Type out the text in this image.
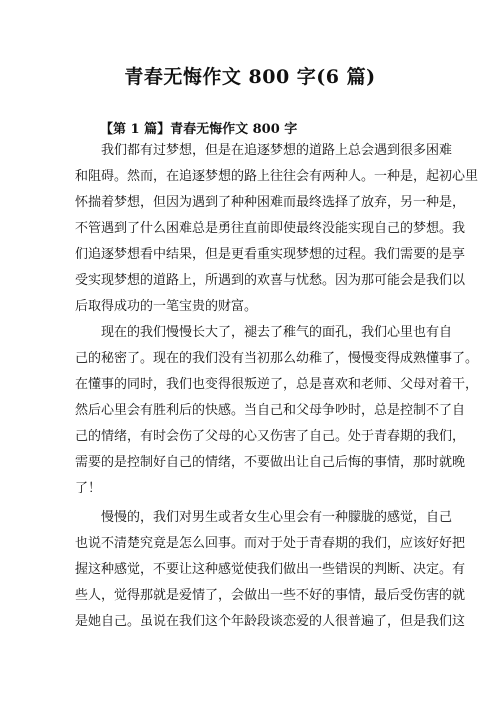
青春无悔作文 800 字(6 篇)
【第 1 篇】青春无悔作文 800 字
我们都有过梦想，但是在追逐梦想的道路上总会遇到很多困难
和阻碍。然而，在追逐梦想的路上往往会有两种人。一种是，起初心里
怀揣着梦想，但因为遇到了种种困难而最终选择了放弃，另一种是，
不管遇到了什么困难总是勇往直前即使最终没能实现自己的梦想。我
们追逐梦想看中结果，但是更看重实现梦想的过程。我们需要的是享
受实现梦想的道路上，所遇到的欢喜与忧愁。因为那可能会是我们以
后取得成功的一笔宝贵的财富。
现在的我们慢慢长大了，褪去了稚气的面孔，我们心里也有自
己的秘密了。现在的我们没有当初那么幼稚了，慢慢变得成熟懂事了。
在懂事的同时，我们也变得很叛逆了，总是喜欢和老师、父母对着干，
然后心里会有胜利后的快感。当自己和父母争吵时，总是控制不了自
己的情绪，有时会伤了父母的心又伤害了自己。处于青春期的我们，
需要的是控制好自己的情绪，不要做出让自己后悔的事情，那时就晚
了！
慢慢的，我们对男生或者女生心里会有一种朦胧的感觉，自己
也说不清楚究竟是怎么回事。而对于处于青春期的我们，应该好好把
握这种感觉，不要让这种感觉使我们做出一些错误的判断、决定。有
些人，觉得那就是爱情了，会做出一些不好的事情，最后受伤害的就
是她自己。虽说在我们这个年龄段谈恋爱的人很普遍了，但是我们这
